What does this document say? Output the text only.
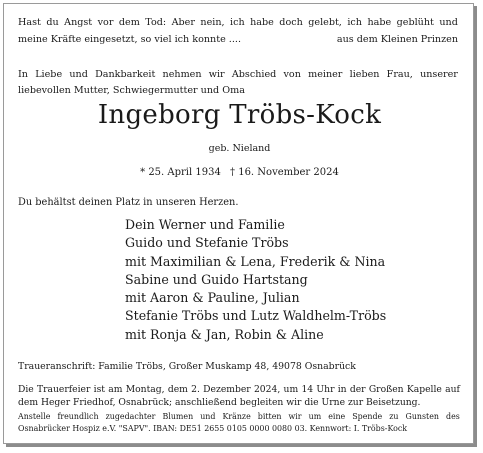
Hast du Angst vor dem Tod: Aber nein, ich habe doch gelebt, ich habe geblüht und
meine Kräfte eingesetzt, so viel ich konnte ....	aus dem Kleinen Prinzen
In Liebe und Dankbarkeit nehmen wir Abschied von meiner lieben Frau, unserer
liebevollen Mutter, Schwiegermutter und Oma
Ingeborg Tröbs-Kock
geb. Nieland
* 25. April 1934 † 16. November 2024
Du behältst deinen Platz in unseren Herzen.
Dein Werner und Familie
Guido und Stefanie Tröbs
mit Maximilian & Lena, Frederik & Nina
Sabine und Guido Hartstang
mit Aaron & Pauline, Julian
Stefanie Tröbs und Lutz Waldhelm-Tröbs
mit Ronja & Jan, Robin & Aline
Traueranschrift: Familie Tröbs, Großer Muskamp 48, 49078 Osnabrück
Die Trauerfeier ist am Montag, dem 2. Dezember 2024, um 14 Uhr in der Großen Kapelle auf
dem Heger Friedhof, Osnabrück; anschließend begleiten wir die Urne zur Beisetzung.
Anstelle freundlich zugedachter Blumen und Kränze bitten wir um eine Spende zu Gunsten des
Osnabrücker Hospiz e.V. "SAPV". IBAN: DE51 2655 0105 0000 0080 03. Kennwort: I. Tröbs-Kock
